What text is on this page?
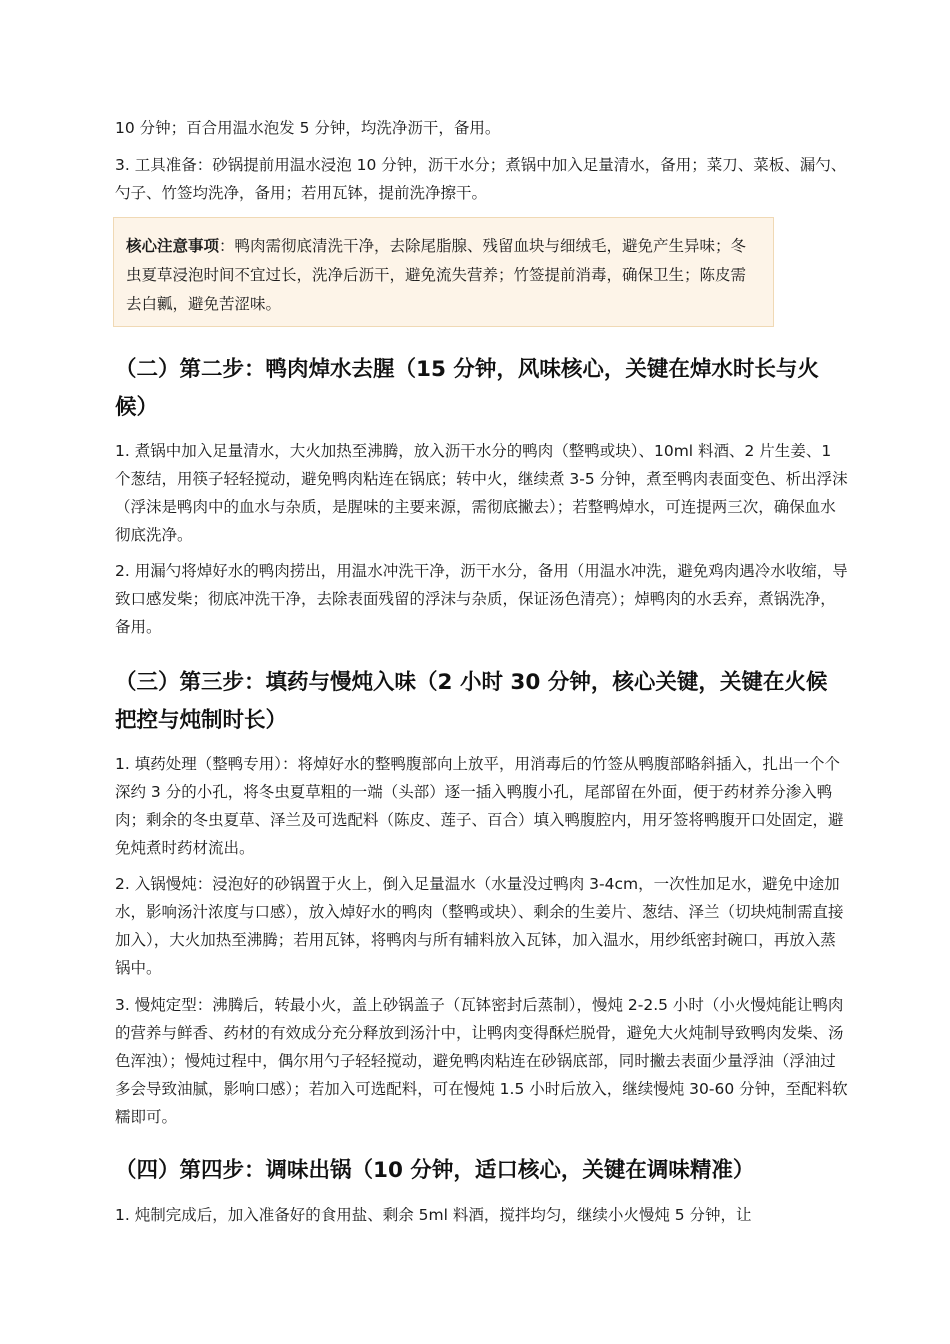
10 分钟；百合用温水泡发 5 分钟，均洗净沥干，备用。

3. 工具准备：砂锅提前用温水浸泡 10 分钟，沥干水分；煮锅中加入足量清水，备用；菜刀、菜板、漏勺、勺子、竹签均洗净，备用；若用瓦钵，提前洗净擦干。

核心注意事项：鸭肉需彻底清洗干净，去除尾脂腺、残留血块与细绒毛，避免产生异味；冬虫夏草浸泡时间不宜过长，洗净后沥干，避免流失营养；竹签提前消毒，确保卫生；陈皮需去白瓤，避免苦涩味。

（二）第二步：鸭肉焯水去腥（15 分钟，风味核心，关键在焯水时长与火候）

1. 煮锅中加入足量清水，大火加热至沸腾，放入沥干水分的鸭肉（整鸭或块）、10ml 料酒、2 片生姜、1 个葱结，用筷子轻轻搅动，避免鸭肉粘连在锅底；转中火，继续煮 3-5 分钟，煮至鸭肉表面变色、析出浮沫（浮沫是鸭肉中的血水与杂质，是腥味的主要来源，需彻底撇去）；若整鸭焯水，可连提两三次，确保血水彻底洗净。

2. 用漏勺将焯好水的鸭肉捞出，用温水冲洗干净，沥干水分，备用（用温水冲洗，避免鸡肉遇冷水收缩，导致口感发柴；彻底冲洗干净，去除表面残留的浮沫与杂质，保证汤色清亮）；焯鸭肉的水丢弃，煮锅洗净，备用。

（三）第三步：填药与慢炖入味（2 小时 30 分钟，核心关键，关键在火候把控与炖制时长）

1. 填药处理（整鸭专用）：将焯好水的整鸭腹部向上放平，用消毒后的竹签从鸭腹部略斜插入，扎出一个个深约 3 分的小孔，将冬虫夏草粗的一端（头部）逐一插入鸭腹小孔，尾部留在外面，便于药材养分渗入鸭肉；剩余的冬虫夏草、泽兰及可选配料（陈皮、莲子、百合）填入鸭腹腔内，用牙签将鸭腹开口处固定，避免炖煮时药材流出。

2. 入锅慢炖：浸泡好的砂锅置于火上，倒入足量温水（水量没过鸭肉 3-4cm，一次性加足水，避免中途加水，影响汤汁浓度与口感），放入焯好水的鸭肉（整鸭或块）、剩余的生姜片、葱结、泽兰（切块炖制需直接加入），大火加热至沸腾；若用瓦钵，将鸭肉与所有辅料放入瓦钵，加入温水，用纱纸密封碗口，再放入蒸锅中。

3. 慢炖定型：沸腾后，转最小火，盖上砂锅盖子（瓦钵密封后蒸制），慢炖 2-2.5 小时（小火慢炖能让鸭肉的营养与鲜香、药材的有效成分充分释放到汤汁中，让鸭肉变得酥烂脱骨，避免大火炖制导致鸭肉发柴、汤色浑浊）；慢炖过程中，偶尔用勺子轻轻搅动，避免鸭肉粘连在砂锅底部，同时撇去表面少量浮油（浮油过多会导致油腻，影响口感）；若加入可选配料，可在慢炖 1.5 小时后放入，继续慢炖 30-60 分钟，至配料软糯即可。

（四）第四步：调味出锅（10 分钟，适口核心，关键在调味精准）

1. 炖制完成后，加入准备好的食用盐、剩余 5ml 料酒，搅拌均匀，继续小火慢炖 5 分钟，让
